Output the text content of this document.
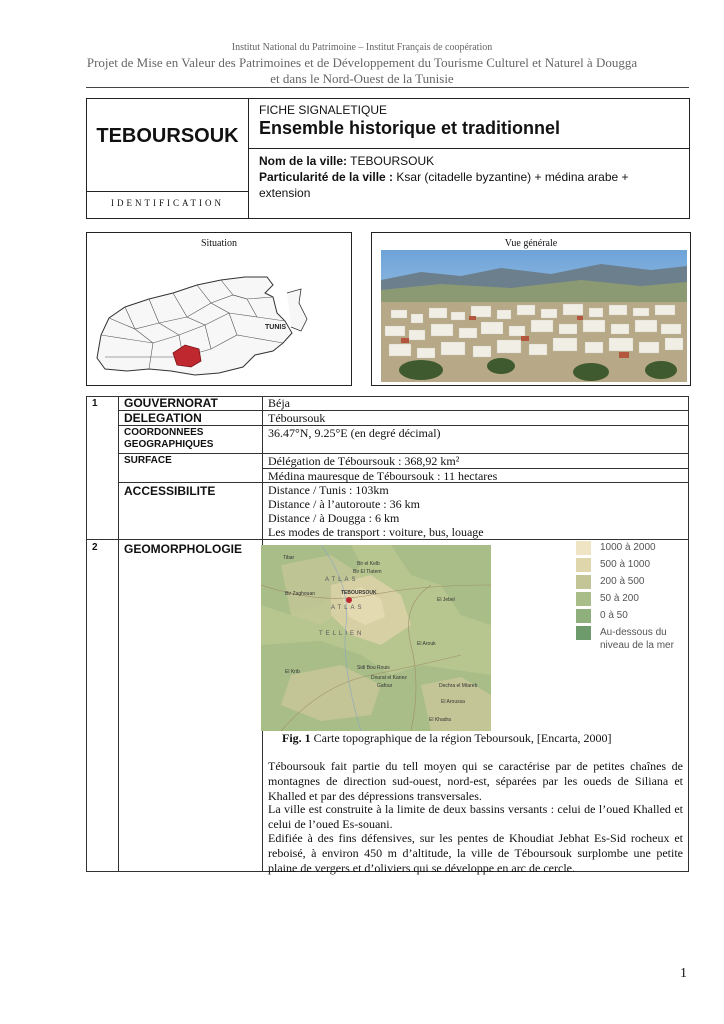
Institut National du Patrimoine – Institut Français de coopération
Projet de Mise en Valeur des Patrimoines et de Développement du Tourisme Culturel et Naturel à Dougga
et dans le Nord-Ouest de la Tunisie
TEBOURSOUK
IDENTIFICATION
FICHE SIGNALETIQUE
Ensemble historique et traditionnel
Nom de la ville: TEBOURSOUK
Particularité de la ville : Ksar (citadelle byzantine) + médina arabe + extension
Situation
TUNIS
Vue générale
1 GOUVERNORAT	Béja
DELEGATION	Téboursouk
COORDONNEES
GEOGRAPHIQUES
36.47°N, 9.25°E (en degré décimal)
SURFACE	Délégation de Téboursouk : 368,92 km²
Médina mauresque de Téboursouk : 11 hectares
ACCESSIBILITE	Distance / Tunis : 103km
Distance / à l’autoroute : 36 km
Distance / à Dougga : 6 km
Les modes de transport : voiture, bus, louage
2 GEOMORPHOLOGIE
Tibar
Bir el Kelb
ATLAS
Bir El Tlatem
Bir Zaghouan	TEBOURSOUK
ATLAS
El Jebel
TELLIEN
El Arouk
El Krib
Sidi Bou Rouis
Dourat el Kanez
Gafour	Dechra el Mtareb
El Aroussa
El Khadra
1000 à 2000
500 à 1000
200 à 500
50 à 200
0 à 50
Au-dessous du
niveau de la mer
Fig. 1 Carte topographique de la région Teboursouk, [Encarta, 2000]
Téboursouk fait partie du tell moyen qui se caractérise par de petites chaînes de montagnes de direction sud-ouest, nord-est, séparées par les oueds de Siliana et Khalled et par des dépressions transversales.
La ville est construite à la limite de deux bassins versants : celui de l’oued Khalled et celui de l’oued Es-souani.
Edifiée à des fins défensives, sur les pentes de Khoudiat Jebhat Es-Sid rocheux et reboisé, à environ 450 m d’altitude, la ville de Téboursouk surplombe une petite plaine de vergers et d’oliviers qui se développe en arc de cercle.
1
